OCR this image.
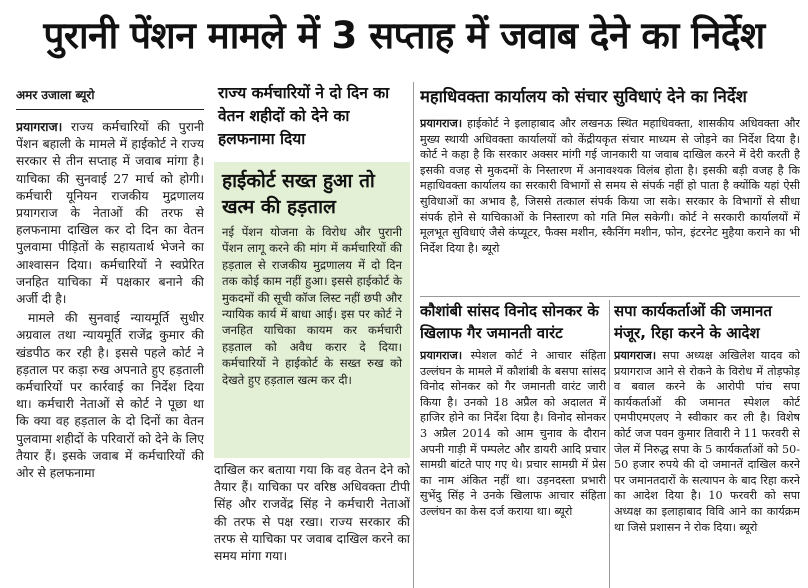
पुरानी पेंशन मामले में 3 सप्ताह में जवाब देने का निर्देश
अमर उजाला ब्यूरो

प्रयागराज। राज्य कर्मचारियों की पुरानी पेंशन बहाली के मामले में हाईकोर्ट ने राज्य सरकार से तीन सप्ताह में जवाब मांगा है। याचिका की सुनवाई 27 मार्च को होगी। कर्मचारी यूनियन राजकीय मुद्रणालय प्रयागराज के नेताओं की तरफ से हलफनामा दाखिल कर दो दिन का वेतन पुलवामा पीड़ितों के सहायतार्थ भेजने का आश्वासन दिया। कर्मचारियों ने स्वप्रेरित जनहित याचिका में पक्षकार बनाने की अर्जी दी है।

मामले की सुनवाई न्यायमूर्ति सुधीर अग्रवाल तथा न्यायमूर्ति राजेंद्र कुमार की खंडपीठ कर रही है। इससे पहले कोर्ट ने हड़ताल पर कड़ा रुख अपनाते हुए हड़ताली कर्मचारियों पर कार्रवाई का निर्देश दिया था। कर्मचारी नेताओं से कोर्ट ने पूछा था कि क्या वह हड़ताल के दो दिनों का वेतन पुलवामा शहीदों के परिवारों को देने के लिए तैयार हैं। इसके जवाब में कर्मचारियों की ओर से हलफनामा

राज्य कर्मचारियों ने दो दिन का वेतन शहीदों को देने का हलफनामा दिया
हाईकोर्ट सख्त हुआ तो खत्म की हड़ताल

नई पेंशन योजना के विरोध और पुरानी पेंशन लागू करने की मांग में कर्मचारियों की हड़ताल से राजकीय मुद्रणालय में दो दिन तक कोई काम नहीं हुआ। इससे हाईकोर्ट के मुकदमों की सूची कॉज लिस्ट नहीं छपी और न्यायिक कार्य में बाधा आई। इस पर कोर्ट ने जनहित याचिका कायम कर कर्मचारी हड़ताल को अवैध करार दे दिया। कर्मचारियों ने हाईकोर्ट के सख्त रुख को देखते हुए हड़ताल खत्म कर दी।

दाखिल कर बताया गया कि वह वेतन देने को तैयार हैं। याचिका पर वरिष्ठ अधिवक्ता टीपी सिंह और राजवेंद्र सिंह ने कर्मचारी नेताओं की तरफ से पक्ष रखा। राज्य सरकार की तरफ से याचिका पर जवाब दाखिल करने का समय मांगा गया।

महाधिवक्ता कार्यालय को संचार सुविधाएं देने का निर्देश

प्रयागराज। हाईकोर्ट ने इलाहाबाद और लखनऊ स्थित महाधिवक्ता, शासकीय अधिवक्ता और मुख्य स्थायी अधिवक्ता कार्यालयों को केंद्रीयकृत संचार माध्यम से जोड़ने का निर्देश दिया है। कोर्ट ने कहा है कि सरकार अक्सर मांगी गई जानकारी या जवाब दाखिल करने में देरी करती है इसकी वजह से मुकदमों के निस्तारण में अनावश्यक विलंब होता है। इसकी बड़ी वजह है कि महाधिवक्ता कार्यालय का सरकारी विभागों से समय से संपर्क नहीं हो पाता है क्योंकि यहां ऐसी सुविधाओं का अभाव है, जिससे तत्काल संपर्क किया जा सके। सरकार के विभागों से सीधा संपर्क होने से याचिकाओं के निस्तारण को गति मिल सकेगी। कोर्ट ने सरकारी कार्यालयों में मूलभूत सुविधाएं जैसे कंप्यूटर, फैक्स मशीन, स्कैनिंग मशीन, फोन, इंटरनेट मुहैया कराने का भी निर्देश दिया है। ब्यूरो

कौशांबी सांसद विनोद सोनकर के खिलाफ गैर जमानती वारंट

प्रयागराज। स्पेशल कोर्ट ने आचार संहिता उल्लंघन के मामले में कौशांबी के बसपा सांसद विनोद सोनकर को गैर जमानती वारंट जारी किया है। उनको 18 अप्रैल को अदालत में हाजिर होने का निर्देश दिया है। विनोद सोनकर 3 अप्रैल 2014 को आम चुनाव के दौरान अपनी गाड़ी में पम्पलेट और डायरी आदि प्रचार सामग्री बांटते पाए गए थे। प्रचार सामग्री में प्रेस का नाम अंकित नहीं था। उड़नदस्ता प्रभारी सुभेंदु सिंह ने उनके खिलाफ आचार संहिता उल्लंघन का केस दर्ज कराया था। ब्यूरो

सपा कार्यकर्ताओं की जमानत मंजूर, रिहा करने के आदेश

प्रयागराज। सपा अध्यक्ष अखिलेश यादव को प्रयागराज आने से रोकने के विरोध में तोड़फोड़ व बवाल करने के आरोपी पांच सपा कार्यकर्ताओं की जमानत स्पेशल कोर्ट एमपीएमएलए ने स्वीकार कर ली है। विशेष कोर्ट जज पवन कुमार तिवारी ने 11 फरवरी से जेल में निरुद्ध सपा के 5 कार्यकर्ताओं को 50-50 हजार रुपये की दो जमानतें दाखिल करने पर जमानतदारों के सत्यापन के बाद रिहा करने का आदेश दिया है। 10 फरवरी को सपा अध्यक्ष का इलाहाबाद विवि आने का कार्यक्रम था जिसे प्रशासन ने रोक दिया। ब्यूरो
